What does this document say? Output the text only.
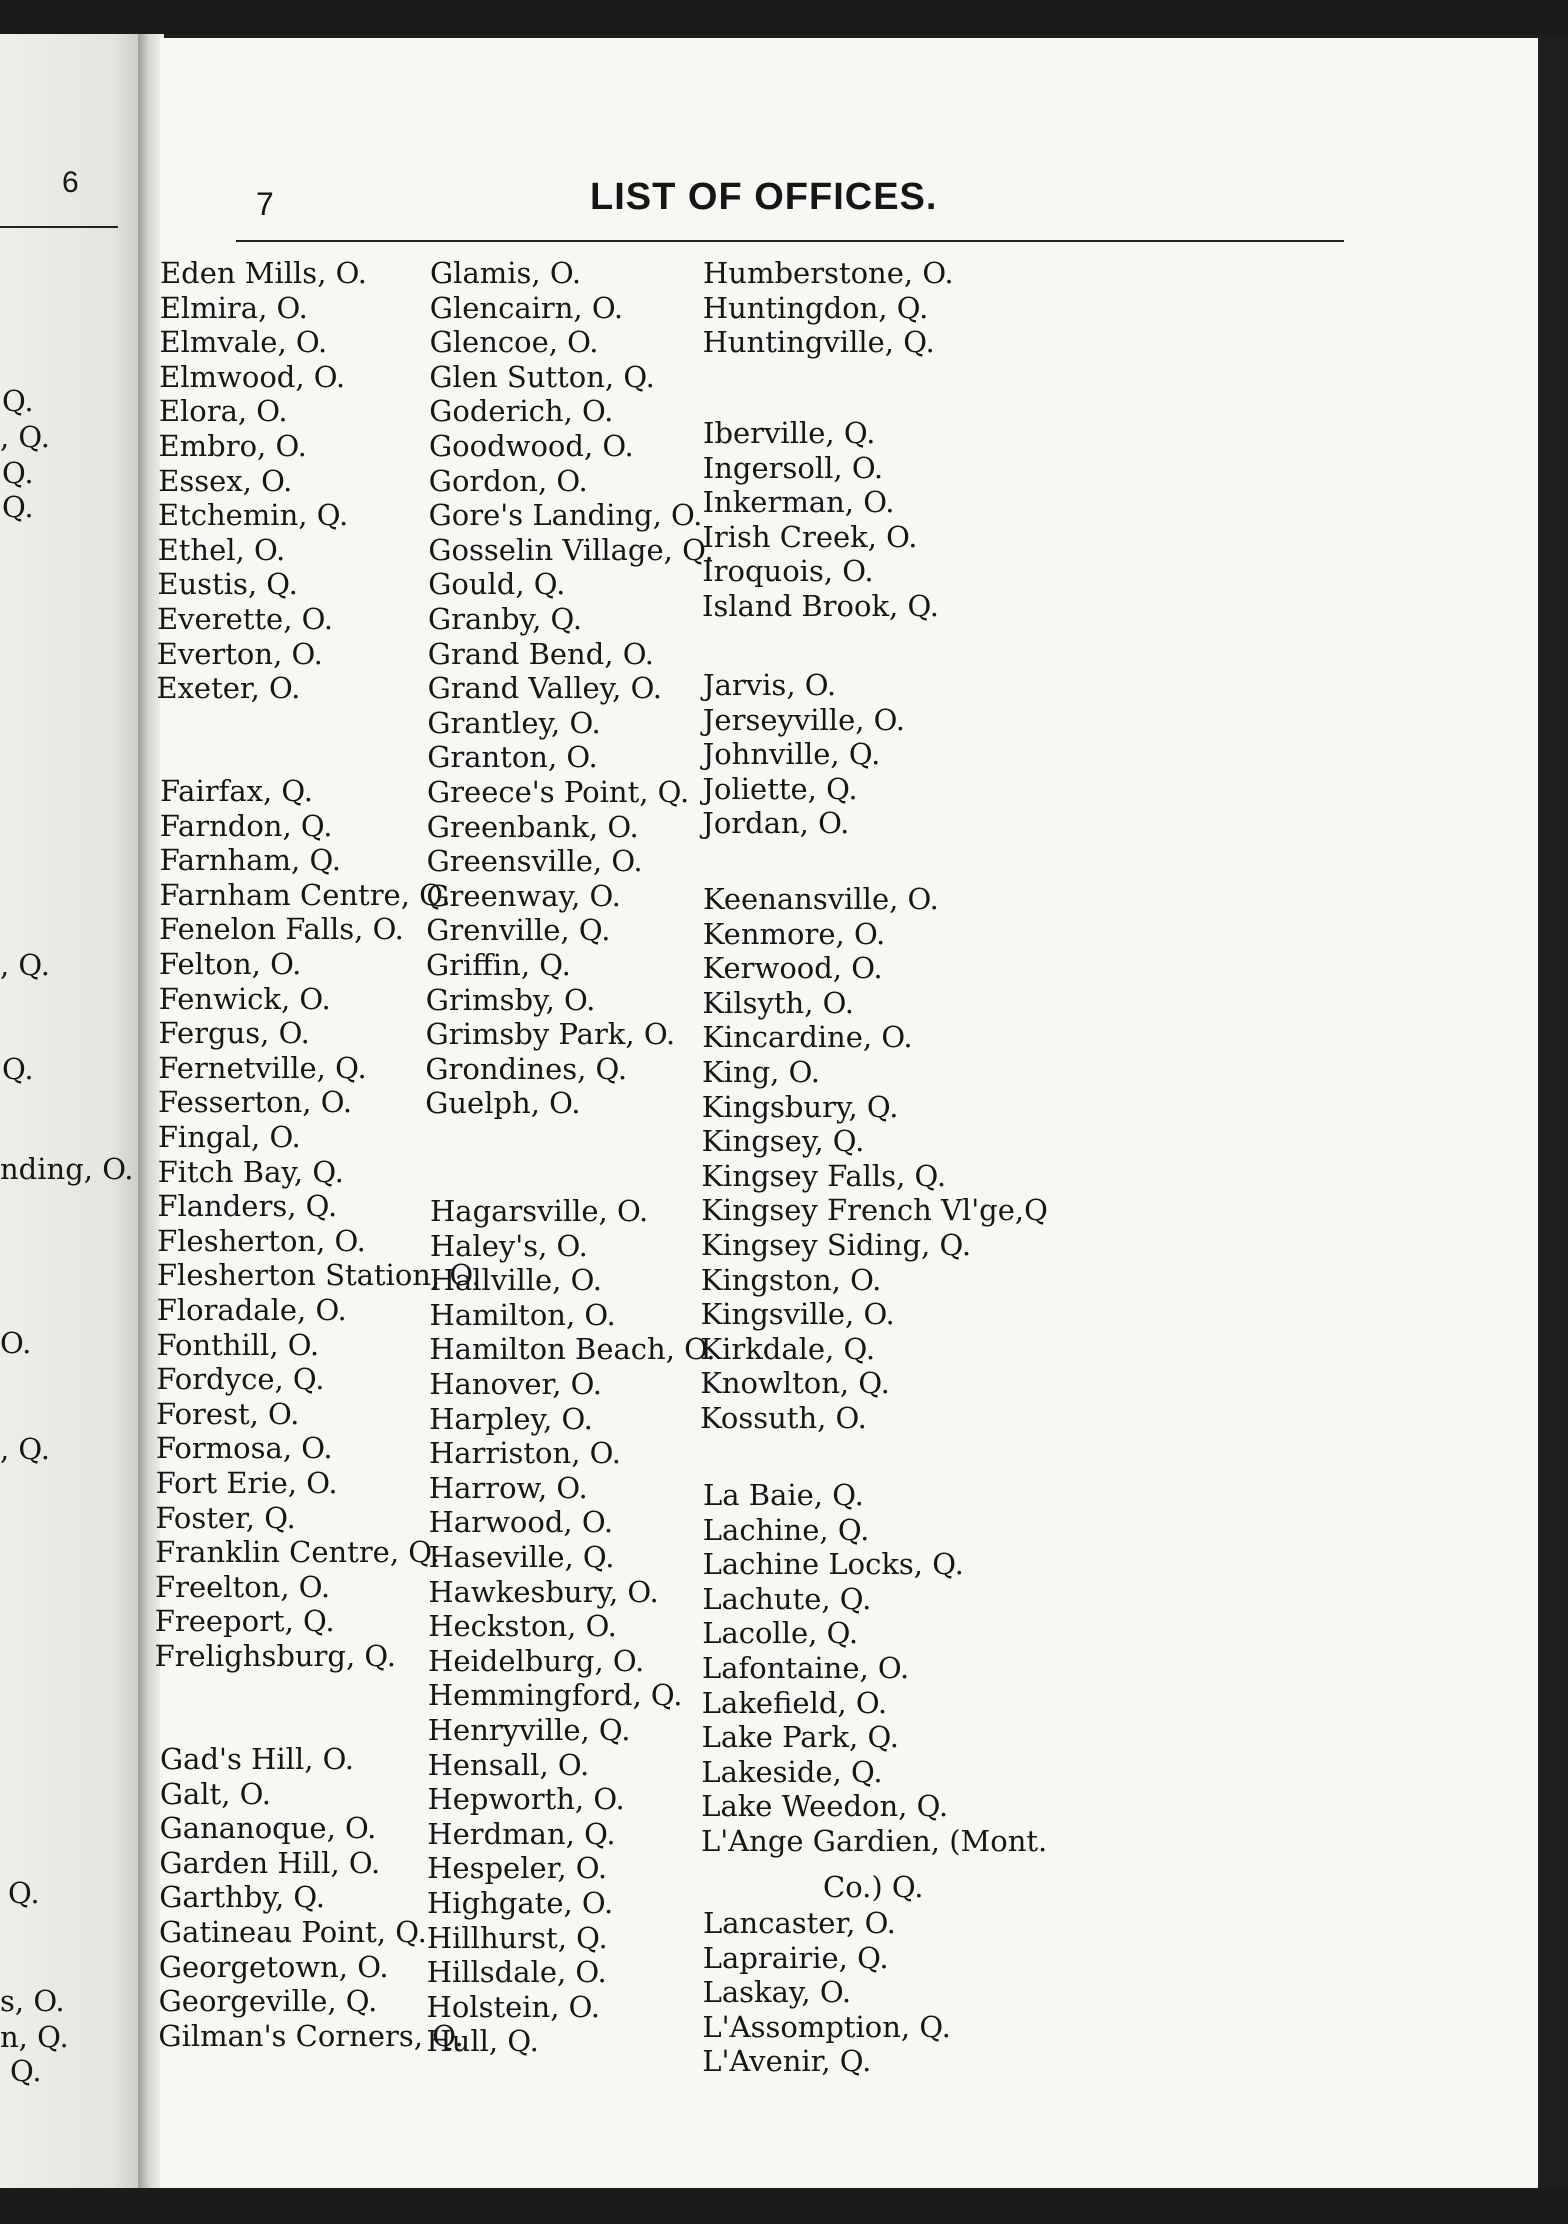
6
Q.
, Q.
Q.
Q.
, Q.
Q.
nding, O.
O.
, Q.
Q.
s, O.
n, Q.
Q.
7	LIST OF OFFICES.
Eden Mills, O.
Elmira, O.
Elmvale, O.
Elmwood, O.
Elora, O.
Embro, O.
Essex, O.
Etchemin, Q.
Ethel, O.
Eustis, Q.
Everette, O.
Everton, O.
Exeter, O.
Fairfax, Q.
Farndon, Q.
Farnham, Q.
Farnham Centre, Q.
Fenelon Falls, O.
Felton, O.
Fenwick, O.
Fergus, O.
Fernetville, Q.
Fesserton, O.
Fingal, O.
Fitch Bay, Q.
Flanders, Q.
Flesherton, O.
Flesherton Station, O.
Floradale, O.
Fonthill, O.
Fordyce, Q.
Forest, O.
Formosa, O.
Fort Erie, O.
Foster, Q.
Franklin Centre, Q.
Freelton, O.
Freeport, Q.
Frelighsburg, Q.
Gad's Hill, O.
Galt, O.
Gananoque, O.
Garden Hill, O.
Garthby, Q.
Gatineau Point, Q.
Georgetown, O.
Georgeville, Q.
Gilman's Corners, Q.
Glamis, O.
Glencairn, O.
Glencoe, O.
Glen Sutton, Q.
Goderich, O.
Goodwood, O.
Gordon, O.
Gore's Landing, O.
Gosselin Village, Q.
Gould, Q.
Granby, Q.
Grand Bend, O.
Grand Valley, O.
Grantley, O.
Granton, O.
Greece's Point, Q.
Greenbank, O.
Greensville, O.
Greenway, O.
Grenville, Q.
Griffin, Q.
Grimsby, O.
Grimsby Park, O.
Grondines, Q.
Guelph, O.
Hagarsville, O.
Haley's, O.
Hallville, O.
Hamilton, O.
Hamilton Beach, O.
Hanover, O.
Harpley, O.
Harriston, O.
Harrow, O.
Harwood, O.
Haseville, Q.
Hawkesbury, O.
Heckston, O.
Heidelburg, O.
Hemmingford, Q.
Henryville, Q.
Hensall, O.
Hepworth, O.
Herdman, Q.
Hespeler, O.
Highgate, O.
Hillhurst, Q.
Hillsdale, O.
Holstein, O.
Hull, Q.
Humberstone, O.
Huntingdon, Q.
Huntingville, Q.
Iberville, Q.
Ingersoll, O.
Inkerman, O.
Irish Creek, O.
Iroquois, O.
Island Brook, Q.
Jarvis, O.
Jerseyville, O.
Johnville, Q.
Joliette, Q.
Jordan, O.
Keenansville, O.
Kenmore, O.
Kerwood, O.
Kilsyth, O.
Kincardine, O.
King, O.
Kingsbury, Q.
Kingsey, Q.
Kingsey Falls, Q.
Kingsey French Vl'ge,Q
Kingsey Siding, Q.
Kingston, O.
Kingsville, O.
Kirkdale, Q.
Knowlton, Q.
Kossuth, O.
La Baie, Q.
Lachine, Q.
Lachine Locks, Q.
Lachute, Q.
Lacolle, Q.
Lafontaine, O.
Lakefield, O.
Lake Park, Q.
Lakeside, Q.
Lake Weedon, Q.
L'Ange Gardien, (Mont.
Co.) Q.
Lancaster, O.
Laprairie, Q.
Laskay, O.
L'Assomption, Q.
L'Avenir, Q.
